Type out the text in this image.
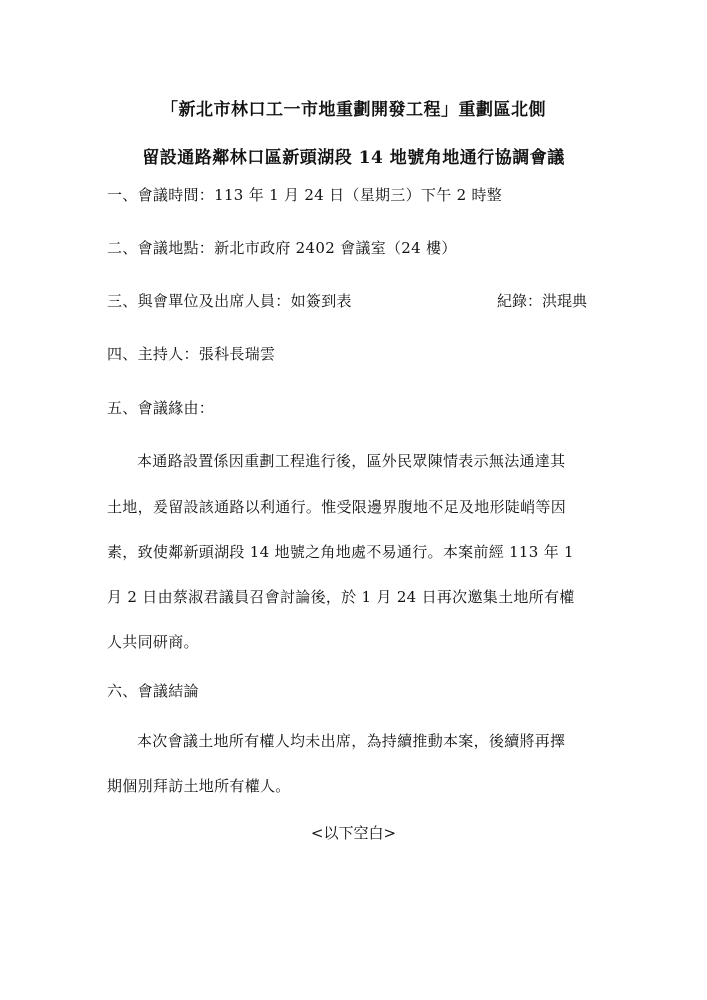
「新北市林口工一市地重劃開發工程」重劃區北側
留設通路鄰林口區新頭湖段 14 地號角地通行協調會議
一、會議時間：113 年 1 月 24 日（星期三）下午 2 時整
二、會議地點：新北市政府 2402 會議室（24 樓）
三、與會單位及出席人員：如簽到表	紀錄：洪琨典
四、主持人：張科長瑞雲
五、會議緣由：
本通路設置係因重劃工程進行後，區外民眾陳情表示無法通達其
土地，爰留設該通路以利通行。惟受限邊界腹地不足及地形陡峭等因
素，致使鄰新頭湖段 14 地號之角地處不易通行。本案前經 113 年 1
月 2 日由蔡淑君議員召會討論後，於 1 月 24 日再次邀集土地所有權
人共同研商。
六、會議結論
本次會議土地所有權人均未出席，為持續推動本案，後續將再擇
期個別拜訪土地所有權人。
<以下空白>
